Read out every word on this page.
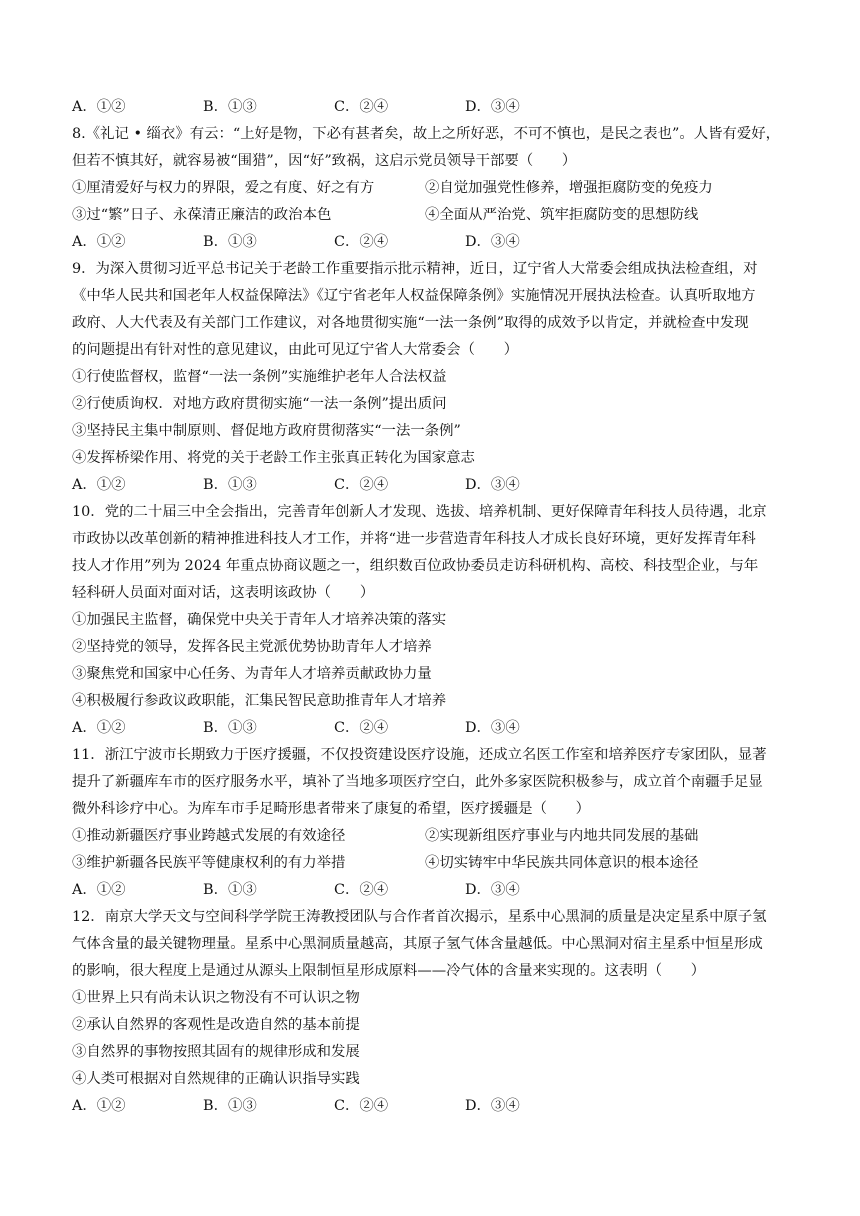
A．①②	B．①③	C．②④	D．③④
8.《礼记 • 缁衣》有云：“上好是物，下必有甚者矣，故上之所好恶，不可不慎也，是民之表也”。人皆有爱好，
但若不慎其好，就容易被“围猎”，因“好”致祸，这启示党员领导干部要（　　）
①厘清爱好与权力的界限，爱之有度、好之有方	②自觉加强党性修养，增强拒腐防变的免疫力
③过“繁”日子、永葆清正廉洁的政治本色	④全面从严治党、筑牢拒腐防变的思想防线
A．①②	B．①③	C．②④	D．③④
9．为深入贯彻习近平总书记关于老龄工作重要指示批示精神，近日，辽宁省人大常委会组成执法检查组，对
《中华人民共和国老年人权益保障法》《辽宁省老年人权益保障条例》实施情况开展执法检查。认真听取地方
政府、人大代表及有关部门工作建议，对各地贯彻实施“一法一条例”取得的成效予以肯定，并就检查中发现
的问题提出有针对性的意见建议，由此可见辽宁省人大常委会（　　）
①行使监督权，监督“一法一条例”实施维护老年人合法权益
②行使质询权．对地方政府贯彻实施“一法一条例”提出质问
③坚持民主集中制原则、督促地方政府贯彻落实“一法一条例”
④发挥桥梁作用、将党的关于老龄工作主张真正转化为国家意志
A．①②	B．①③	C．②④	D．③④
10．党的二十届三中全会指出，完善青年创新人才发现、选拔、培养机制、更好保障青年科技人员待遇，北京
市政协以改革创新的精神推进科技人才工作，并将“进一步营造青年科技人才成长良好环境，更好发挥青年科
技人才作用”列为 2024 年重点协商议题之一，组织数百位政协委员走访科研机构、高校、科技型企业，与年
轻科研人员面对面对话，这表明该政协（　　）
①加强民主监督，确保党中央关于青年人才培养决策的落实
②坚持党的领导，发挥各民主党派优势协助青年人才培养
③聚焦党和国家中心任务、为青年人才培养贡献政协力量
④积极履行参政议政职能，汇集民智民意助推青年人才培养
A．①②	B．①③	C．②④	D．③④
11．浙江宁波市长期致力于医疗援疆，不仅投资建设医疗设施，还成立名医工作室和培养医疗专家团队，显著
提升了新疆库车市的医疗服务水平，填补了当地多项医疗空白，此外多家医院积极参与，成立首个南疆手足显
微外科诊疗中心。为库车市手足畸形患者带来了康复的希望，医疗援疆是（　　）
①推动新疆医疗事业跨越式发展的有效途径	②实现新组医疗事业与内地共同发展的基础
③维护新疆各民族平等健康权利的有力举措	④切实铸牢中华民族共同体意识的根本途径
A．①②	B．①③	C．②④	D．③④
12．南京大学天文与空间科学学院王涛教授团队与合作者首次揭示，星系中心黑洞的质量是决定星系中原子氢
气体含量的最关键物理量。星系中心黑洞质量越高，其原子氢气体含量越低。中心黑洞对宿主星系中恒星形成
的影响，很大程度上是通过从源头上限制恒星形成原料——冷气体的含量来实现的。这表明（　　）
①世界上只有尚未认识之物没有不可认识之物
②承认自然界的客观性是改造自然的基本前提
③自然界的事物按照其固有的规律形成和发展
④人类可根据对自然规律的正确认识指导实践
A．①②	B．①③	C．②④	D．③④
